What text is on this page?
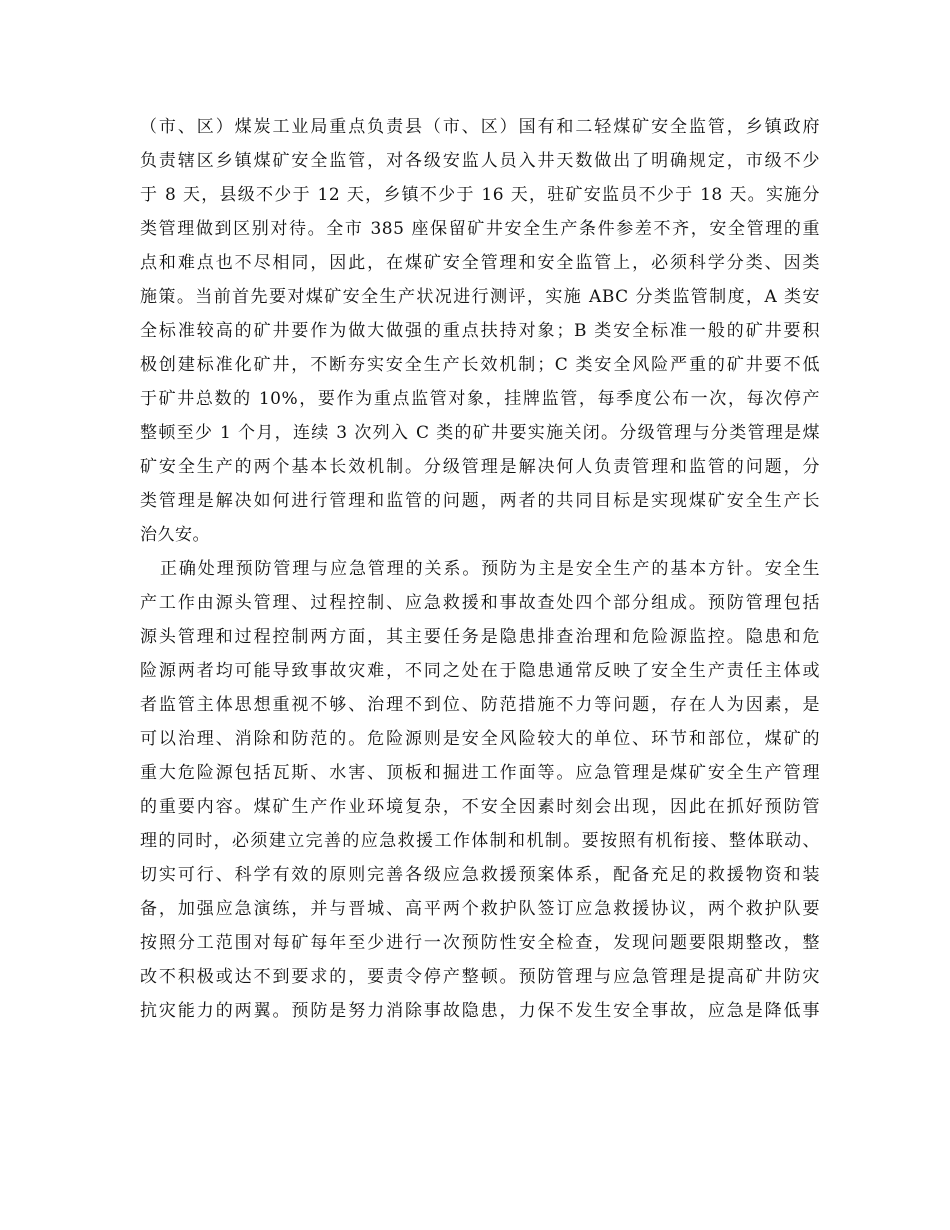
（市、区）煤炭工业局重点负责县（市、区）国有和二轻煤矿安全监管，乡镇政府
负责辖区乡镇煤矿安全监管，对各级安监人员入井天数做出了明确规定，市级不少
于 8 天，县级不少于 12 天，乡镇不少于 16 天，驻矿安监员不少于 18 天。实施分
类管理做到区别对待。全市 385 座保留矿井安全生产条件参差不齐，安全管理的重
点和难点也不尽相同，因此，在煤矿安全管理和安全监管上，必须科学分类、因类
施策。当前首先要对煤矿安全生产状况进行测评，实施 ABC 分类监管制度，A 类安
全标准较高的矿井要作为做大做强的重点扶持对象；B 类安全标准一般的矿井要积
极创建标准化矿井，不断夯实安全生产长效机制；C 类安全风险严重的矿井要不低
于矿井总数的 10%，要作为重点监管对象，挂牌监管，每季度公布一次，每次停产
整顿至少 1 个月，连续 3 次列入 C 类的矿井要实施关闭。分级管理与分类管理是煤
矿安全生产的两个基本长效机制。分级管理是解决何人负责管理和监管的问题，分
类管理是解决如何进行管理和监管的问题，两者的共同目标是实现煤矿安全生产长
治久安。
正确处理预防管理与应急管理的关系。预防为主是安全生产的基本方针。安全生
产工作由源头管理、过程控制、应急救援和事故查处四个部分组成。预防管理包括
源头管理和过程控制两方面，其主要任务是隐患排查治理和危险源监控。隐患和危
险源两者均可能导致事故灾难，不同之处在于隐患通常反映了安全生产责任主体或
者监管主体思想重视不够、治理不到位、防范措施不力等问题，存在人为因素，是
可以治理、消除和防范的。危险源则是安全风险较大的单位、环节和部位，煤矿的
重大危险源包括瓦斯、水害、顶板和掘进工作面等。应急管理是煤矿安全生产管理
的重要内容。煤矿生产作业环境复杂，不安全因素时刻会出现，因此在抓好预防管
理的同时，必须建立完善的应急救援工作体制和机制。要按照有机衔接、整体联动、
切实可行、科学有效的原则完善各级应急救援预案体系，配备充足的救援物资和装
备，加强应急演练，并与晋城、高平两个救护队签订应急救援协议，两个救护队要
按照分工范围对每矿每年至少进行一次预防性安全检查，发现问题要限期整改，整
改不积极或达不到要求的，要责令停产整顿。预防管理与应急管理是提高矿井防灾
抗灾能力的两翼。预防是努力消除事故隐患，力保不发生安全事故，应急是降低事
